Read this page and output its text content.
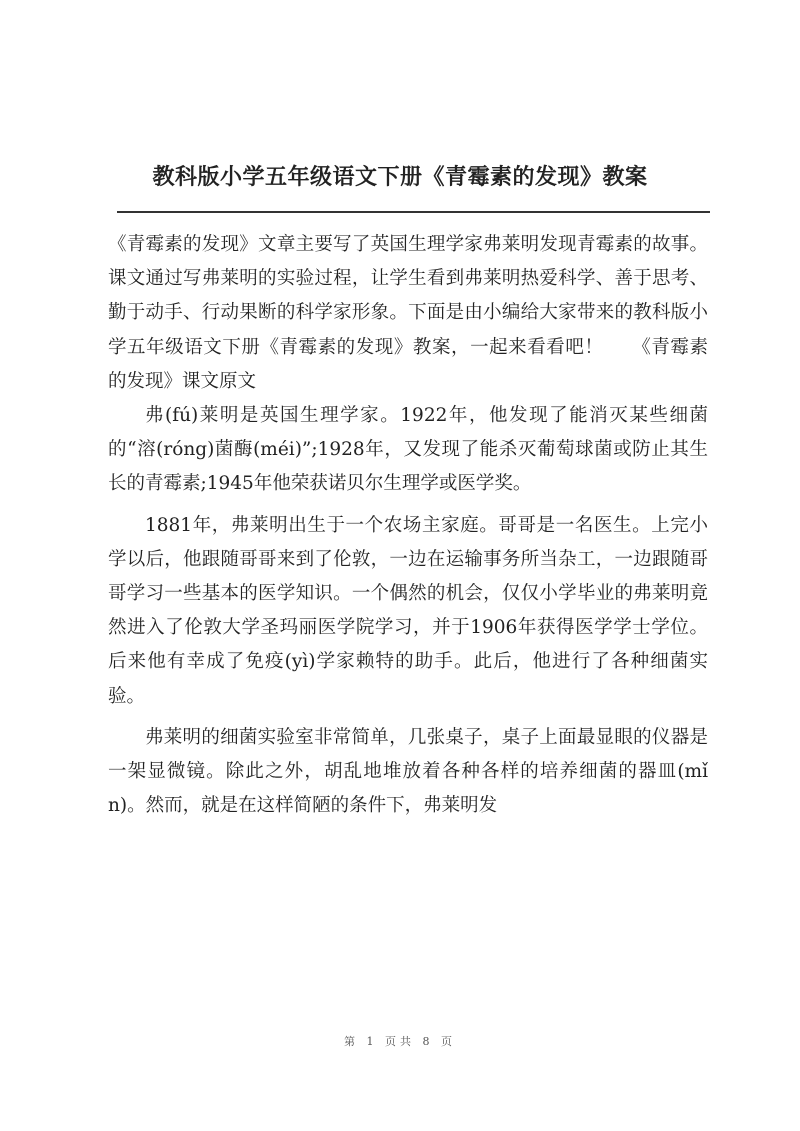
教科版小学五年级语文下册《青霉素的发现》教案

《青霉素的发现》文章主要写了英国生理学家弗莱明发现青霉素的故事。课文通过写弗莱明的实验过程，让学生看到弗莱明热爱科学、善于思考、勤于动手、行动果断的科学家形象。下面是由小编给大家带来的教科版小学五年级语文下册《青霉素的发现》教案，一起来看看吧！　　《青霉素的发现》课文原文

弗(fú)莱明是英国生理学家。1922年，他发现了能消灭某些细菌的“溶(róng)菌酶(méi)”;1928年，又发现了能杀灭葡萄球菌或防止其生长的青霉素;1945年他荣获诺贝尔生理学或医学奖。

1881年，弗莱明出生于一个农场主家庭。哥哥是一名医生。上完小学以后，他跟随哥哥来到了伦敦，一边在运输事务所当杂工，一边跟随哥哥学习一些基本的医学知识。一个偶然的机会，仅仅小学毕业的弗莱明竟然进入了伦敦大学圣玛丽医学院学习，并于1906年获得医学学士学位。后来他有幸成了免疫(yì)学家赖特的助手。此后，他进行了各种细菌实验。

弗莱明的细菌实验室非常简单，几张桌子，桌子上面最显眼的仪器是一架显微镜。除此之外，胡乱地堆放着各种各样的培养细菌的器皿(mǐn)。然而，就是在这样简陋的条件下，弗莱明发

第 1 页共 8 页
